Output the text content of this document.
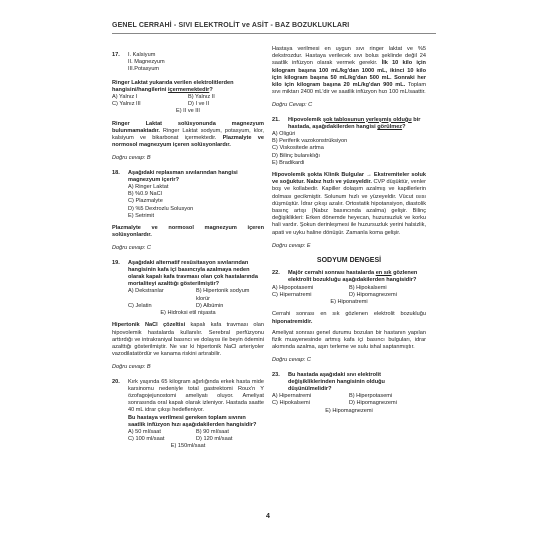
GENEL CERRAHİ - SIVI ELEKTROLİT ve ASİT - BAZ BOZUKLUKLARI
17.	I. Kalsiyum
II. Magnezyum
III.Potasyum

Ringer Laktat yukarıda verilen elektrolitlerden hangisini/hangilerini içermemektedir?

A) Yalnız I	B) Yalnız II
C) Yalnız III	D) I ve II
E) II ve III

Ringer Laktat solüsyonunda magnezyum bulunmamaktadır. Ringer Laktat sodyum, potasyum, klor, kalsiyum ve bikarbonat içermektedir. Plazmalyte ve normosol magnezyum içeren solüsyonlardır.

Doğru cevap: B

18.	Aşağıdaki replasman sıvılarından hangisi magnezyum içerir?
A) Ringer Laktat
B) %0.9 NaCl
C) Plazmalyte
D) %5 Dextrozlu Solusyon
E) Setrimit

Plazmalyte ve normosol magnezyum içeren solüsyonlardır.

Doğru cevap: C

19.	Aşağıdaki alternatif resüsitasyon sıvılarından hangisinin kafa içi basıncıyla azalmaya neden olarak kapalı kafa travması olan çok hastalarında mortaliteyi azalttığı gösterilmiştir?
A) Dekstranlar	B) Hipertonik sodyum klorür
C) Jelatin	D) Albümin
E) Hidroksi etil nişasta

Hipertonik NaCl çözeltisi kapalı kafa travması olan hipovolemik hastalarda kullanılır. Serebral perfüzyonu arttırdığı ve intrakraniyal basıncı ve dolayısı ile beyin ödemini azalttığı gösterilmiştir. Ne var ki hipertonik NaCl arteriyoler vazodilatatördür ve kanama riskini artırabilir.

Doğru cevap: B

20.	Kırk yaşında 65 kilogram ağırlığında erkek hasta mide karsinomu nedeniyle total gastrektomi Roux'n Y özofagojejunostomi ameliyatı oluyor. Ameliyat sonrasında oral kapalı olarak izleniyor. Hastada saatte 40 mL idrar çıkışı hedefleniyor.

Bu hastaya verilmesi gereken toplam sıvının saatlik infüzyon hızı aşağıdakilerden hangisidir?

A) 50 ml/saat	B) 90 ml/saat
C) 100 ml/saat	D) 120 ml/saat
E) 150ml/saat

Hastaya verilmesi en uygun sıvı ringer laktat ve %5 dekstrozdur. Hastaya verilecek sıvı bolus şeklinde değil 24 saatlik infüzyon olarak vermek gerekir. İlk 10 kilo için kilogram başına 100 mL/kg'dan 1000 mL, ikinci 10 kilo için kilogram başına 50 mL/kg'dan 500 mL. Sonraki her kilo için kilogram başına 20 mL/kg'dan 900 mL. Toplam sıvı miktarı 2400 mL'dir ve saatlik infüzyon hızı 100 mL/saattir.

Doğru Cevap: C

21.	Hipovolemik şok tablosunun yerleşmiş olduğu bir hastada, aşağıdakilerden hangisi görülmez?
A) Oligüri
B) Periferik vazokonstrüksiyon
C) Viskositede artma
D) Bilinç bulanıklığı
E) Bradikardi

Hipovolemik şokta Klinik Bulgular → Ekstremiteler soluk ve soğuktur. Nabız hızlı ve yüzeyeldir. CVP düşüktür, venler boş ve kollabedir. Kapiller dolaşım azalmış ve kapillerlerin dolması gecikmiştir. Solunum hızlı ve yüzeyeldir. Vücut ısısı düşmüştür. İdrar çıkışı azalır. Ortostatik hipotansiyon, diastolik basınç artışı (Nabız basıncında azalma) gelişir. Bilinç değişiklikleri: Erken dönemde heyecan, huzursuzluk ve korku hali vardır. Şokun derinleşmesi ile huzursuzluk yerini halsizlik, apati ve uyku haline dönüşür. Zamanla koma gelişir.

Doğru cevap: E

SODYUM DENGESİ
22.	Majör cerrahi sonrası hastalarda en sık gözlenen elektrolit bozukluğu aşağıdakilerden hangisidir?
A) Hipopotasemi	B) Hipokalsemi
C) Hipernatremi	D) Hipomagnezemi
E) Hiponatremi

Cerrahi sonrası en sık gözlenen elektrolit bozukluğu hiponatremidir.

Ameliyat sonrası genel durumu bozulan bir hastanın yapılan fizik muayenesinde artmış kafa içi basıncı bulguları, idrar akımında azalma, aşırı terleme ve sulu ishal saptanmıştır.

Doğru cevap: C

23.	Bu hastada aşağıdaki sıvı elektrolit değişikliklerinden hangisinin olduğu düşünülmelidir?
A) Hipernatremi	B) Hiperpotasemi
C) Hipokalsemi	D) Hipomagnezemi
E) Hipomagnezemi
4
